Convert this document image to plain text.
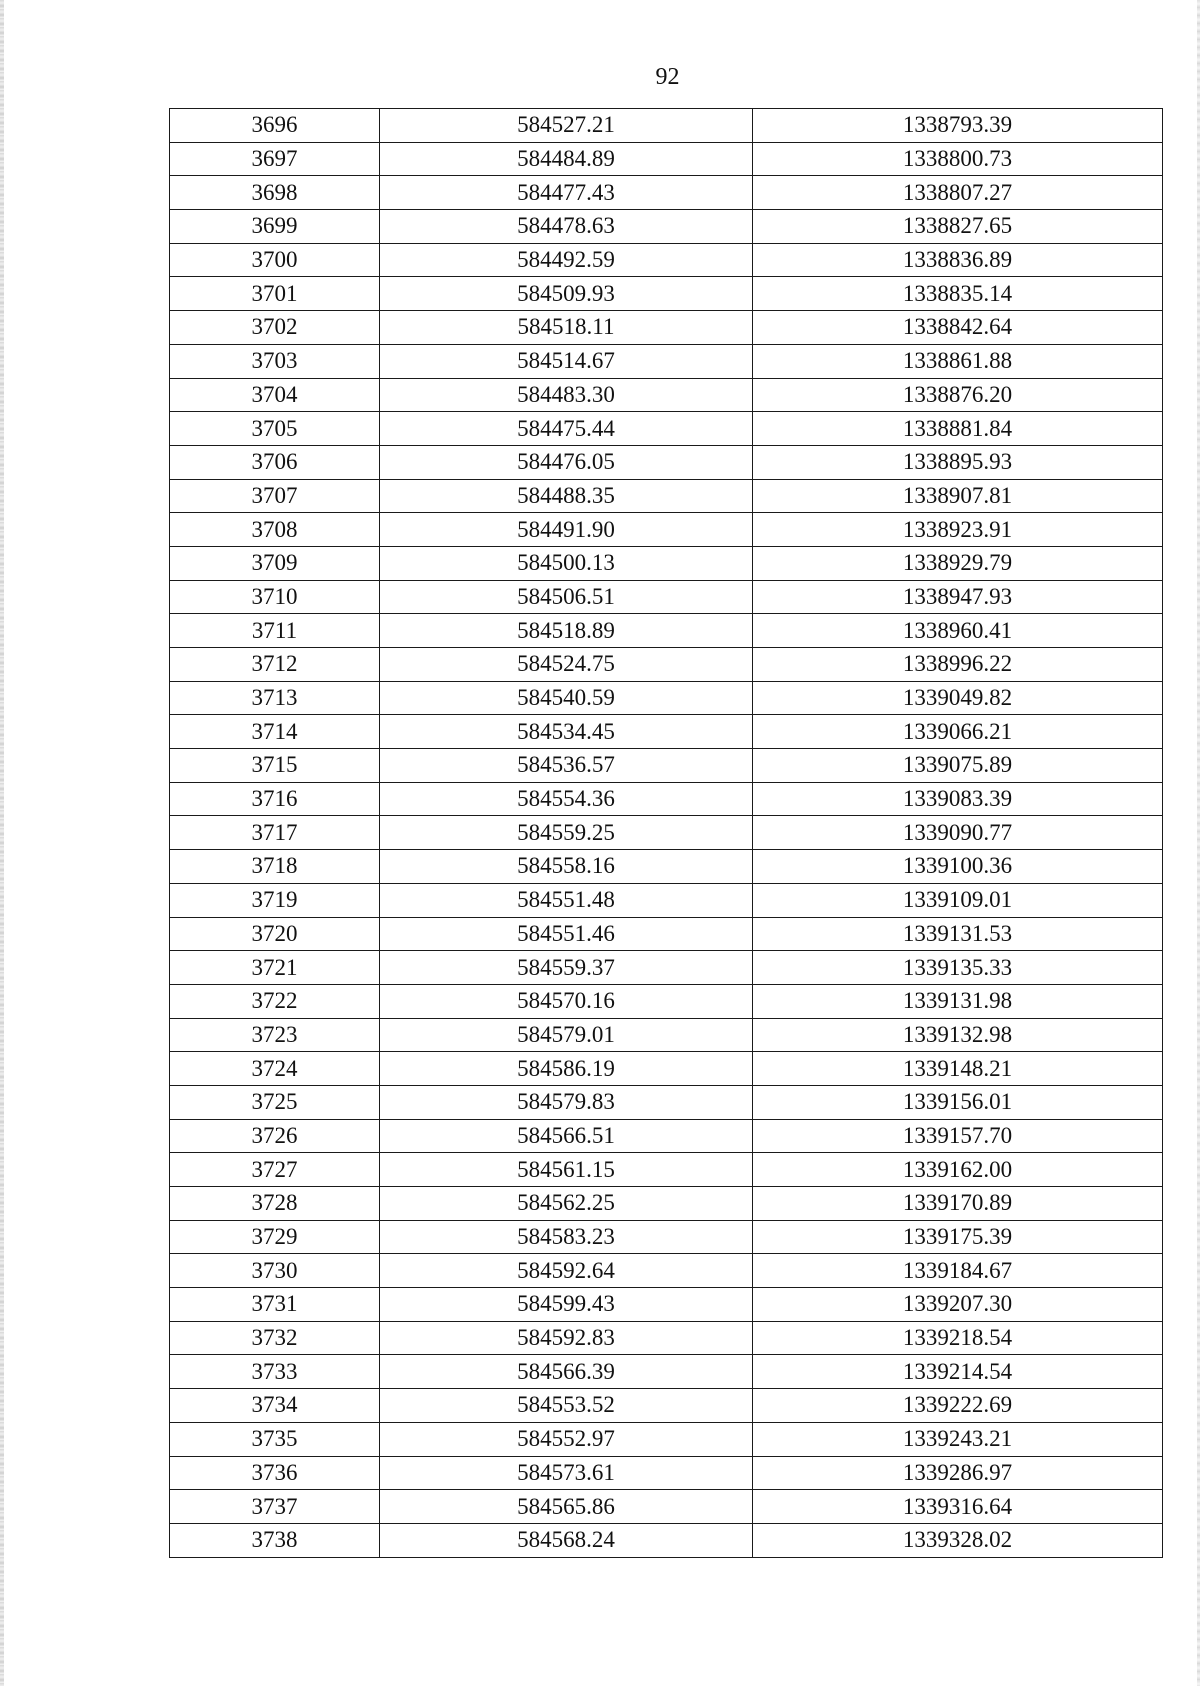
92
3696	584527.21	1338793.39
3697	584484.89	1338800.73
3698	584477.43	1338807.27
3699	584478.63	1338827.65
3700	584492.59	1338836.89
3701	584509.93	1338835.14
3702	584518.11	1338842.64
3703	584514.67	1338861.88
3704	584483.30	1338876.20
3705	584475.44	1338881.84
3706	584476.05	1338895.93
3707	584488.35	1338907.81
3708	584491.90	1338923.91
3709	584500.13	1338929.79
3710	584506.51	1338947.93
3711	584518.89	1338960.41
3712	584524.75	1338996.22
3713	584540.59	1339049.82
3714	584534.45	1339066.21
3715	584536.57	1339075.89
3716	584554.36	1339083.39
3717	584559.25	1339090.77
3718	584558.16	1339100.36
3719	584551.48	1339109.01
3720	584551.46	1339131.53
3721	584559.37	1339135.33
3722	584570.16	1339131.98
3723	584579.01	1339132.98
3724	584586.19	1339148.21
3725	584579.83	1339156.01
3726	584566.51	1339157.70
3727	584561.15	1339162.00
3728	584562.25	1339170.89
3729	584583.23	1339175.39
3730	584592.64	1339184.67
3731	584599.43	1339207.30
3732	584592.83	1339218.54
3733	584566.39	1339214.54
3734	584553.52	1339222.69
3735	584552.97	1339243.21
3736	584573.61	1339286.97
3737	584565.86	1339316.64
3738	584568.24	1339328.02
